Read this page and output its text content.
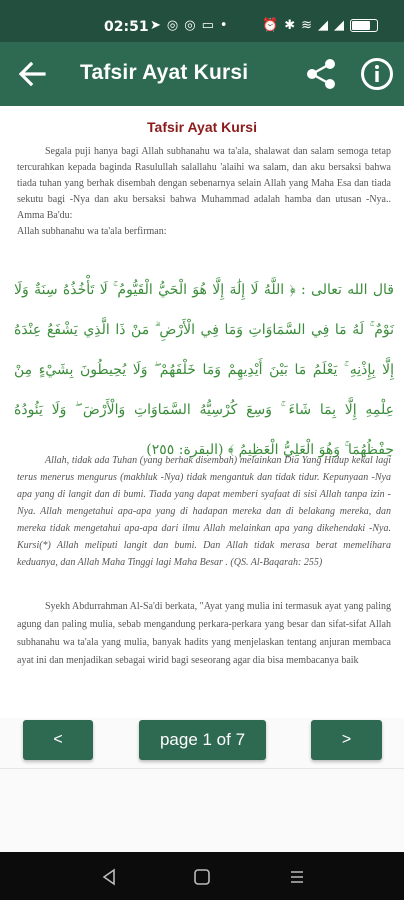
02:51 ➤ ◎ ◎ ▭ •	⏰ ✱ ≋ ◢ ◢
Tafsir Ayat Kursi
Tafsir Ayat Kursi

Segala puji hanya bagi Allah subhanahu wa ta'ala, shalawat dan salam semoga tetap tercurahkan kepada baginda Rasulullah salallahu 'alaihi wa salam, dan aku bersaksi bahwa tiada tuhan yang berhak disembah dengan sebenarnya selain Allah yang Maha Esa dan tiada sekutu bagi -Nya dan aku bersaksi bahwa Muhammad adalah hamba dan utusan -Nya.. Amma Ba'du:

Allah subhanahu wa ta'ala berfirman:

قال الله تعالى : ﴿ اللَّهُ لَا إِلَٰهَ إِلَّا هُوَ الْحَيُّ الْقَيُّومُ ۚ لَا تَأْخُذُهُ سِنَةٌ وَلَا نَوْمٌ ۚ لَهُ مَا فِي السَّمَاوَاتِ وَمَا فِي الْأَرْضِ ۗ مَنْ ذَا الَّذِي يَشْفَعُ عِنْدَهُ إِلَّا بِإِذْنِهِ ۚ يَعْلَمُ مَا بَيْنَ أَيْدِيهِمْ وَمَا خَلْفَهُمْ ۖ وَلَا يُحِيطُونَ بِشَيْءٍ مِنْ عِلْمِهِ إِلَّا بِمَا شَاءَ ۚ وَسِعَ كُرْسِيُّهُ السَّمَاوَاتِ وَالْأَرْضَ ۖ وَلَا يَئُودُهُ حِفْظُهُمَا ۚ وَهُوَ الْعَلِيُّ الْعَظِيمُ ﴾ (البقرة: ٢٥٥)

Allah, tidak ada Tuhan (yang berhak disembah) melainkan Dia Yang Hidup kekal lagi terus menerus mengurus (makhluk -Nya) tidak mengantuk dan tidak tidur. Kepunyaan -Nya apa yang di langit dan di bumi. Tiada yang dapat memberi syafaat di sisi Allah tanpa izin -Nya. Allah mengetahui apa-apa yang di hadapan mereka dan di belakang mereka, dan mereka tidak mengetahui apa-apa dari ilmu Allah melainkan apa yang dikehendaki -Nya. Kursi(*) Allah meliputi langit dan bumi. Dan Allah tidak merasa berat memelihara keduanya, dan Allah Maha Tinggi lagi Maha Besar . (QS. Al-Baqarah: 255)

Syekh Abdurrahman Al-Sa'di berkata, "Ayat yang mulia ini termasuk ayat yang paling agung dan paling mulia, sebab mengandung perkara-perkara yang besar dan sifat-sifat Allah subhanahu wa ta'ala yang mulia, banyak hadits yang menjelaskan tentang anjuran membaca ayat ini dan menjadikan sebagai wirid bagi seseorang agar dia bisa membacanya baik

<	page 1 of 7	>
